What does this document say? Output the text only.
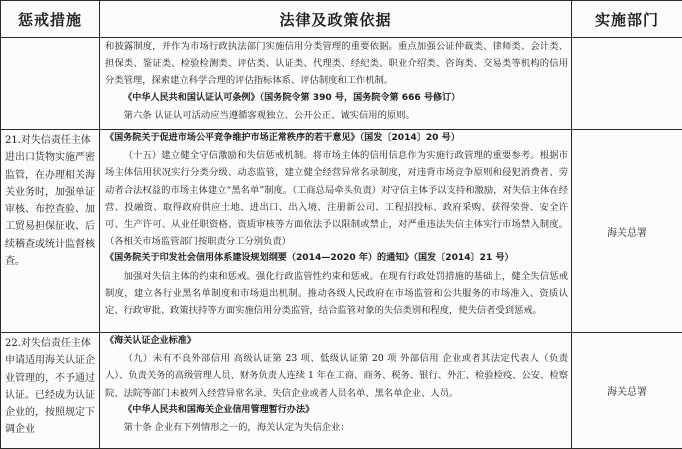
惩戒措施	法律及政策依据	实施部门

	和披露制度，并作为市场行政执法部门实施信用分类管理的重要依据。重点加强公证仲裁类、律师类、会计类、担保类、鉴证类、检验检测类、评估类、认证类、代理类、经纪类、职业介绍类、咨询类、交易类等机构的信用分类管理，探索建立科学合理的评估指标体系、评估制度和工作机制。

《中华人民共和国认证认可条例》（国务院令第 390 号，国务院令第 666 号修订）

第六条 认证认可活动应当遵循客观独立、公开公正、诚实信用的原则。	

21.对失信责任主体进出口货物实施严密监管，在办理相关海关业务时，加强单证审核、布控查验、加工贸易担保征收、后续稽查或统计监督核查。	《国务院关于促进市场公平竞争维护市场正常秩序的若干意见》（国发〔2014〕20 号）

（十五）建立健全守信激励和失信惩戒机制。将市场主体的信用信息作为实施行政管理的重要参考。根据市场主体信用状况实行分类分级、动态监管，建立健全经营异常名录制度，对违背市场竞争原则和侵犯消费者、劳动者合法权益的市场主体建立“黑名单”制度。（工商总局牵头负责）对守信主体予以支持和激励，对失信主体在经营、投融资、取得政府供应土地、进出口、出入境、注册新公司、工程招投标、政府采购、获得荣誉、安全许可、生产许可、从业任职资格、资质审核等方面依法予以限制或禁止，对严重违法失信主体实行市场禁入制度。（各相关市场监管部门按职责分工分别负责）

《国务院关于印发社会信用体系建设规划纲要（2014—2020 年）的通知》（国发〔2014〕21 号）

加强对失信主体的约束和惩戒。强化行政监管性约束和惩戒。在现有行政处罚措施的基础上，健全失信惩戒制度，建立各行业黑名单制度和市场退出机制。推动各级人民政府在市场监管和公共服务的市场准入、资质认定、行政审批、政策扶持等方面实施信用分类监管，结合监管对象的失信类别和程度，使失信者受到惩戒。	海关总署
22.对失信责任主体申请适用海关认证企业管理的，不予通过认证。已经成为认证企业的，按照规定下调企业	《海关认证企业标准》

（九）未有不良外部信用 高级认证第 23 项、低级认证第 20 项 外部信用 企业或者其法定代表人（负责人）、负责关务的高级管理人员、财务负责人连续 1 年在工商、商务、税务、银行、外汇、检验检疫、公安、检察院、法院等部门未被列入经营异常名录、失信企业或者人员名单、黑名单企业、人员。

《中华人民共和国海关企业信用管理暂行办法》

第十条 企业有下列情形之一的，海关认定为失信企业：	海关总署
